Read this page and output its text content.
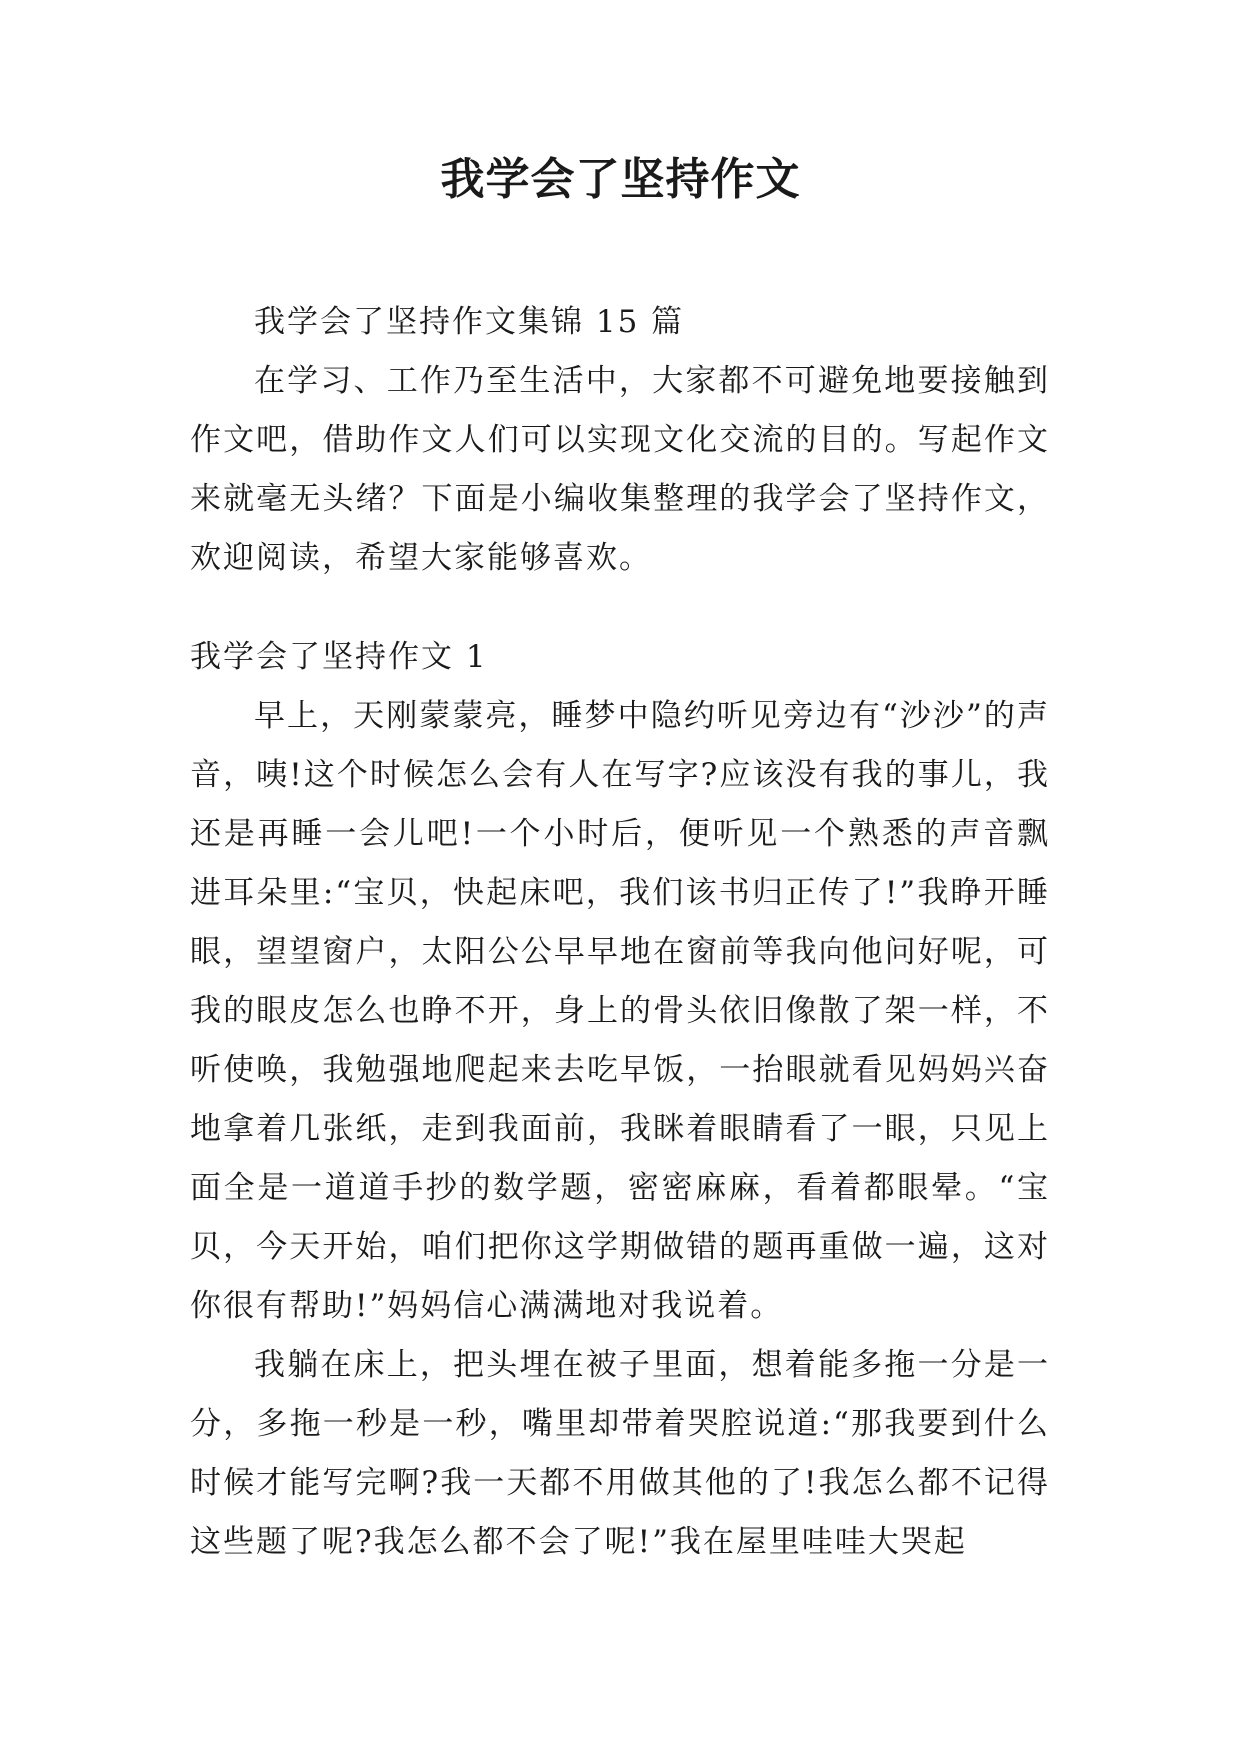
我学会了坚持作文

我学会了坚持作文集锦 15 篇

在学习、工作乃至生活中，大家都不可避免地要接触到作文吧，借助作文人们可以实现文化交流的目的。写起作文来就毫无头绪？下面是小编收集整理的我学会了坚持作文，欢迎阅读，希望大家能够喜欢。

我学会了坚持作文 1

早上，天刚蒙蒙亮，睡梦中隐约听见旁边有“沙沙”的声音，咦!这个时候怎么会有人在写字?应该没有我的事儿，我还是再睡一会儿吧!一个小时后，便听见一个熟悉的声音飘进耳朵里:“宝贝，快起床吧，我们该书归正传了!”我睁开睡眼，望望窗户，太阳公公早早地在窗前等我向他问好呢，可我的眼皮怎么也睁不开，身上的骨头依旧像散了架一样，不听使唤，我勉强地爬起来去吃早饭，一抬眼就看见妈妈兴奋地拿着几张纸，走到我面前，我眯着眼睛看了一眼，只见上面全是一道道手抄的数学题，密密麻麻，看着都眼晕。“宝贝，今天开始，咱们把你这学期做错的题再重做一遍，这对你很有帮助!”妈妈信心满满地对我说着。

我躺在床上，把头埋在被子里面，想着能多拖一分是一分，多拖一秒是一秒，嘴里却带着哭腔说道:“那我要到什么时候才能写完啊?我一天都不用做其他的了!我怎么都不记得这些题了呢?我怎么都不会了呢!”我在屋里哇哇大哭起
